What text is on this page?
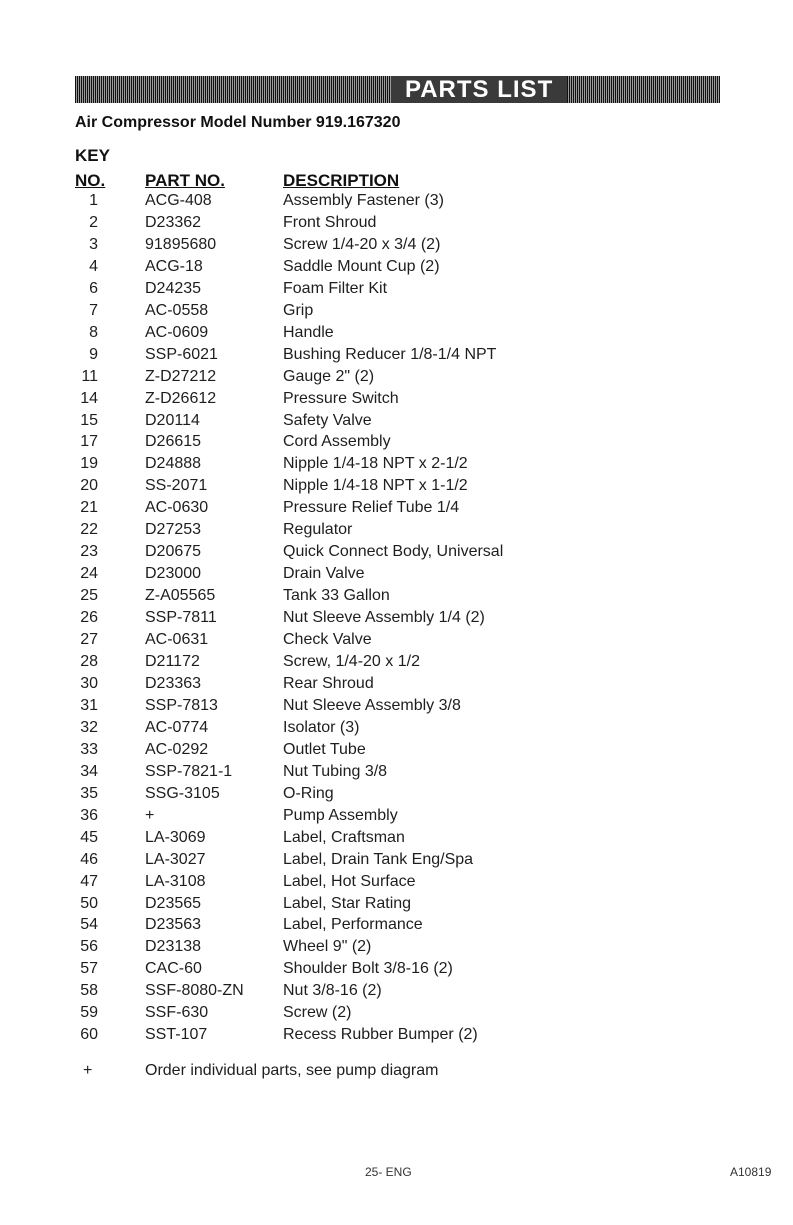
PARTS LIST
Air Compressor Model Number 919.167320
KEY
NO. PART NO.	DESCRIPTION
1	ACG-408	Assembly Fastener (3)
2	D23362	Front Shroud
3	91895680	Screw 1/4-20 x 3/4 (2)
4	ACG-18	Saddle Mount Cup (2)
6	D24235	Foam Filter Kit
7	AC-0558	Grip
8	AC-0609	Handle
9	SSP-6021	Bushing Reducer 1/8-1/4 NPT
11	Z-D27212	Gauge 2" (2)
14	Z-D26612	Pressure Switch
15	D20114	Safety Valve
17	D26615	Cord Assembly
19	D24888	Nipple 1/4-18 NPT x 2-1/2
20	SS-2071	Nipple 1/4-18 NPT x 1-1/2
21	AC-0630	Pressure Relief Tube 1/4
22	D27253	Regulator
23	D20675	Quick Connect Body, Universal
24	D23000	Drain Valve
25	Z-A05565	Tank 33 Gallon
26	SSP-7811	Nut Sleeve Assembly 1/4 (2)
27	AC-0631	Check Valve
28	D21172	Screw, 1/4-20 x 1/2
30	D23363	Rear Shroud
31	SSP-7813	Nut Sleeve Assembly 3/8
32	AC-0774	Isolator (3)
33	AC-0292	Outlet Tube
34	SSP-7821-1	Nut Tubing 3/8
35	SSG-3105	O-Ring
36	+	Pump Assembly
45	LA-3069	Label, Craftsman
46	LA-3027	Label, Drain Tank Eng/Spa
47	LA-3108	Label, Hot Surface
50	D23565	Label, Star Rating
54	D23563	Label, Performance
56	D23138	Wheel 9" (2)
57	CAC-60	Shoulder Bolt 3/8-16 (2)
58	SSF-8080-ZN Nut 3/8-16 (2)
59	SSF-630	Screw (2)
60	SST-107	Recess Rubber Bumper (2)
+	Order individual parts, see pump diagram
25- ENG	A10819
